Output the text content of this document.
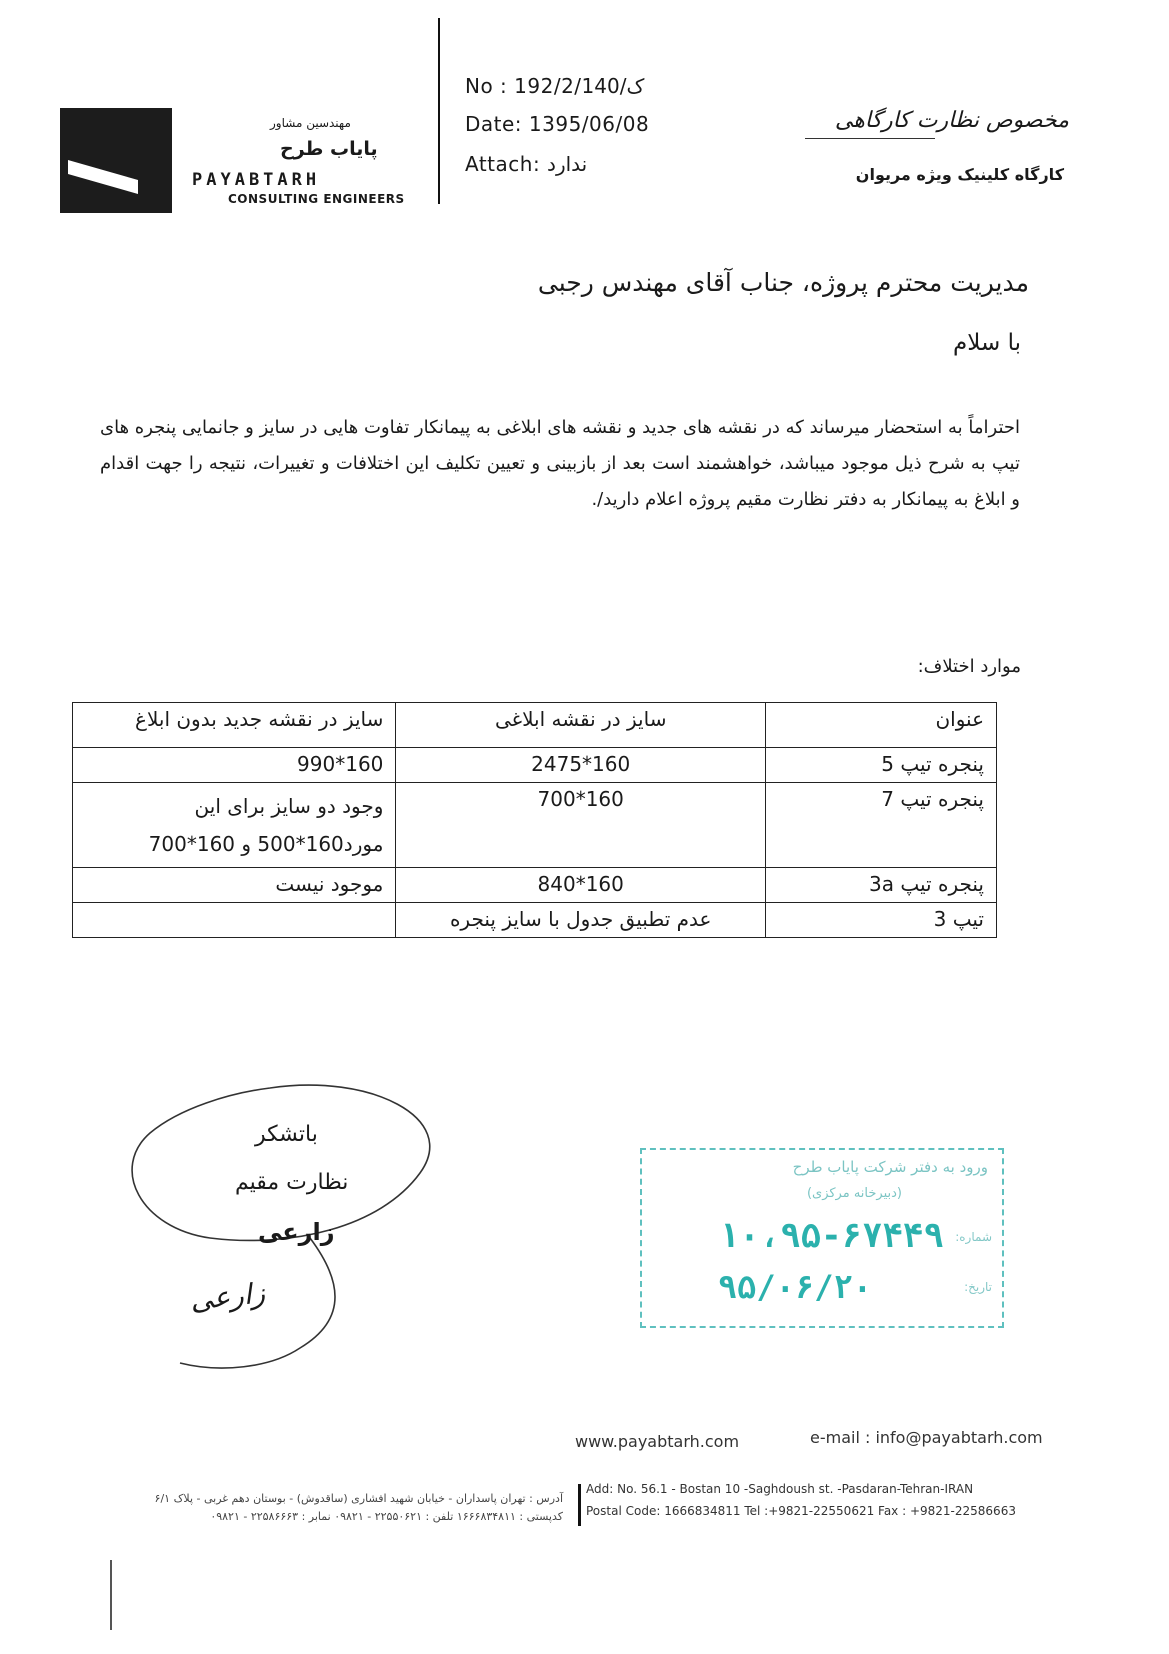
مهندسین مشاور
پایاب طرح
PAYABTARH
CONSULTING ENGINEERS
No : 192/2/ک/140
Date: 1395/06/08
Attach: ندارد
مخصوص نظارت کارگاهی
کارگاه کلینیک ویژه مریوان
مدیریت محترم پروژه، جناب آقای مهندس رجبی
با سلام
احتراماً به استحضار میرساند که در نقشه های جدید و نقشه های ابلاغی به پیمانکار تفاوت هایی در سایز و جانمایی پنجره های تیپ به شرح ذیل موجود میباشد، خواهشمند است بعد از بازبینی و تعیین تکلیف این اختلافات و تغییرات، نتیجه را جهت اقدام و ابلاغ به پیمانکار به دفتر نظارت مقیم پروژه اعلام دارید/.
موارد اختلاف:
عنوان	سایز در نقشه ابلاغی	سایز در نقشه جدید بدون ابلاغ
پنجره تیپ 5	2475*160	990*160
پنجره تیپ 7	700*160	وجود دو سایز برای این
مورد160*500 و 160*700

پنجره تیپ 3a	840*160	موجود نیست
تیپ 3	عدم تطبیق جدول با سایز پنجره	
باتشکر
نظارت مقیم
زارعی
زارعی
ورود به دفتر شرکت پایاب طرح
(دبیرخانه مرکزی)
شماره:
۱۰،۹۵-۶۷۴۴۹
تاریخ:
۹۵/۰۶/۲۰
www.payabtarh.com	e-mail : info@payabtarh.com
Add: No. 56.1 - Bostan 10 -Saghdoush st. -Pasdaran-Tehran-IRAN
Postal Code: 1666834811 Tel :+9821-22550621 Fax : +9821-22586663
آدرس : تهران پاسداران - خیابان شهید افشاری (ساقدوش) - بوستان دهم غربی - پلاک ۶/۱
کدپستی : ۱۶۶۶۸۳۴۸۱۱ تلفن : ۲۲۵۵۰۶۲۱ - ۰۹۸۲۱ نمابر : ۲۲۵۸۶۶۶۳ - ۰۹۸۲۱
